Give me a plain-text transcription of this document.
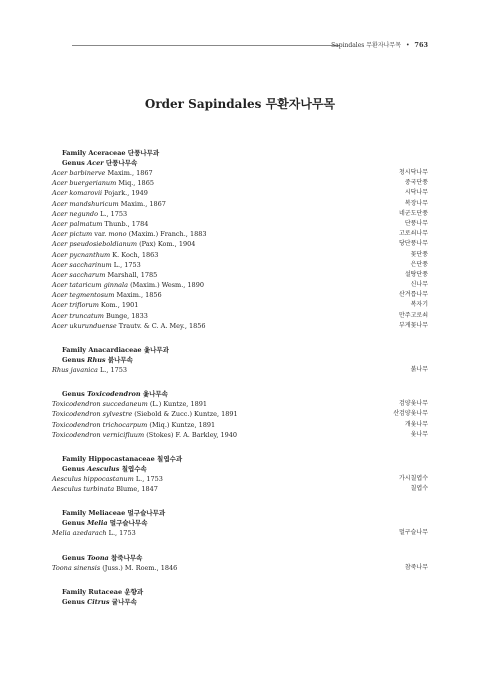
Sapindales 무환자나무목 • 763
Order Sapindales 무환자나무목
Family Aceraceae 단풍나무과
Genus Acer 단풍나무속
Acer barbinerve Maxim., 1867	청시닥나무
Acer buergerianum Miq., 1865	중국단풍
Acer komarovii Pojark., 1949	시닥나무
Acer mandshuricum Maxim., 1867	복장나무
Acer negundo L., 1753	네군도단풍
Acer palmatum Thunb., 1784	단풍나무
Acer pictum var. mono (Maxim.) Franch., 1883	고로쇠나무
Acer pseudosieboldianum (Pax) Kom., 1904	당단풍나무
Acer pycnanthum K. Koch, 1863	꽃단풍
Acer saccharinum L., 1753	은단풍
Acer saccharum Marshall, 1785	설탕단풍
Acer tataricum ginnala (Maxim.) Wesm., 1890	신나무
Acer tegmentosum Maxim., 1856	산겨릅나무
Acer triflorum Kom., 1901	복자기
Acer truncatum Bunge, 1833	만주고로쇠
Acer ukurunduense Trautv. & C. A. Mey., 1856	부게꽃나무
Family Anacardiaceae 옻나무과
Genus Rhus 붉나무속
Rhus javanica L., 1753	붉나무
Genus Toxicodendron 옻나무속
Toxicodendron succedaneum (L.) Kuntze, 1891	검양옻나무
Toxicodendron sylvestre (Siebold & Zucc.) Kuntze, 1891	산검양옻나무
Toxicodendron trichocarpum (Miq.) Kuntze, 1891	개옻나무
Toxicodendron vernicifluum (Stokes) F. A. Barkley, 1940	옻나무
Family Hippocastanaceae 칠엽수과
Genus Aesculus 칠엽수속
Aesculus hippocastanum L., 1753	가시칠엽수
Aesculus turbinata Blume, 1847	칠엽수
Family Meliaceae 멀구슬나무과
Genus Melia 멀구슬나무속
Melia azedarach L., 1753	멀구슬나무
Genus Toona 참죽나무속
Toona sinensis (Juss.) M. Roem., 1846	참죽나무
Family Rutaceae 운향과
Genus Citrus 귤나무속
